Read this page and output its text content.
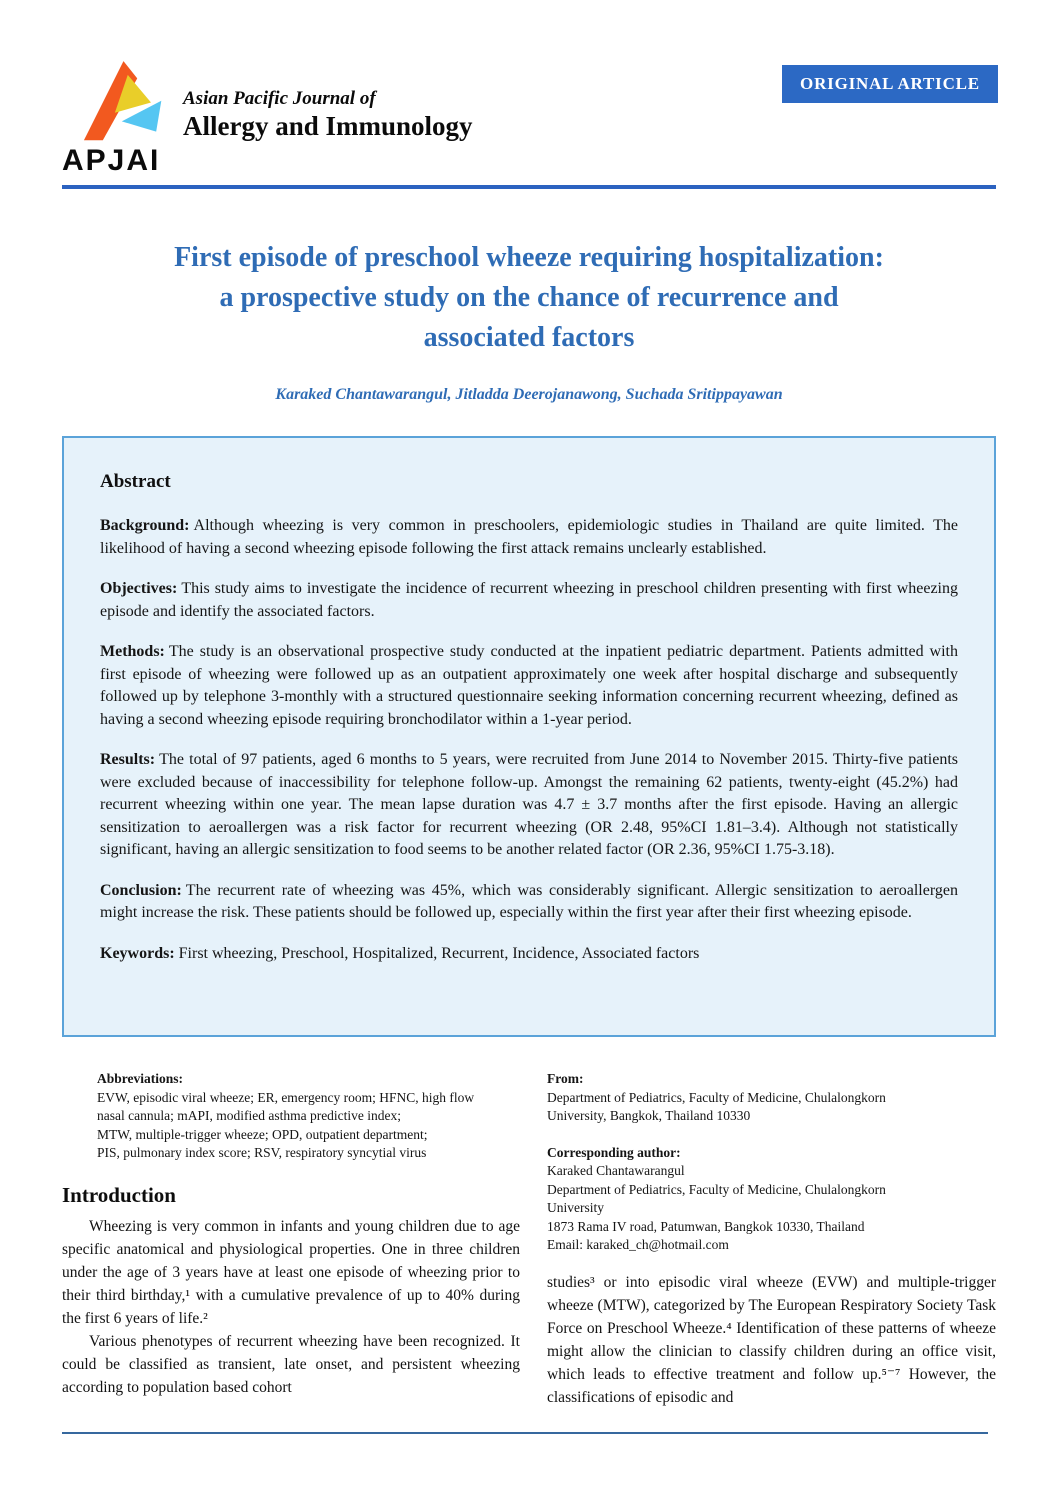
APJAI
Asian Pacific Journal of
Allergy and Immunology
ORIGINAL ARTICLE
First episode of preschool wheeze requiring hospitalization:
a prospective study on the chance of recurrence and
associated factors
Karaked Chantawarangul, Jitladda Deerojanawong, Suchada Sritippayawan
Abstract

Background: Although wheezing is very common in preschoolers, epidemiologic studies in Thailand are quite limited. The likelihood of having a second wheezing episode following the first attack remains unclearly established.

Objectives: This study aims to investigate the incidence of recurrent wheezing in preschool children presenting with first wheezing episode and identify the associated factors.

Methods: The study is an observational prospective study conducted at the inpatient pediatric department. Patients admitted with first episode of wheezing were followed up as an outpatient approximately one week after hospital discharge and subsequently followed up by telephone 3-monthly with a structured questionnaire seeking information concerning recurrent wheezing, defined as having a second wheezing episode requiring bronchodilator within a 1-year period.

Results: The total of 97 patients, aged 6 months to 5 years, were recruited from June 2014 to November 2015. Thirty-five patients were excluded because of inaccessibility for telephone follow-up. Amongst the remaining 62 patients, twenty-eight (45.2%) had recurrent wheezing within one year. The mean lapse duration was 4.7 ± 3.7 months after the first episode. Having an allergic sensitization to aeroallergen was a risk factor for recurrent wheezing (OR 2.48, 95%CI 1.81–3.4). Although not statistically significant, having an allergic sensitization to food seems to be another related factor (OR 2.36, 95%CI 1.75-3.18).

Conclusion: The recurrent rate of wheezing was 45%, which was considerably significant. Allergic sensitization to aeroallergen might increase the risk. These patients should be followed up, especially within the first year after their first wheezing episode.

Keywords: First wheezing, Preschool, Hospitalized, Recurrent, Incidence, Associated factors

Abbreviations:
EVW, episodic viral wheeze; ER, emergency room; HFNC, high flow
nasal cannula; mAPI, modified asthma predictive index;
MTW, multiple-trigger wheeze; OPD, outpatient department;
PIS, pulmonary index score; RSV, respiratory syncytial virus
From:
Department of Pediatrics, Faculty of Medicine, Chulalongkorn
University, Bangkok, Thailand 10330
Corresponding author:
Karaked Chantawarangul
Department of Pediatrics, Faculty of Medicine, Chulalongkorn
University
1873 Rama IV road, Patumwan, Bangkok 10330, Thailand
Email: karaked_ch@hotmail.com
Introduction

Wheezing is very common in infants and young children due to age specific anatomical and physiological properties. One in three children under the age of 3 years have at least one episode of wheezing prior to their third birthday,¹ with a cumulative prevalence of up to 40% during the first 6 years of life.²

Various phenotypes of recurrent wheezing have been recognized. It could be classified as transient, late onset, and persistent wheezing according to population based cohort

studies³ or into episodic viral wheeze (EVW) and multiple-trigger wheeze (MTW), categorized by The European Respiratory Society Task Force on Preschool Wheeze.⁴ Identification of these patterns of wheeze might allow the clinician to classify children during an office visit, which leads to effective treatment and follow up.⁵⁻⁷ However, the classifications of episodic and
